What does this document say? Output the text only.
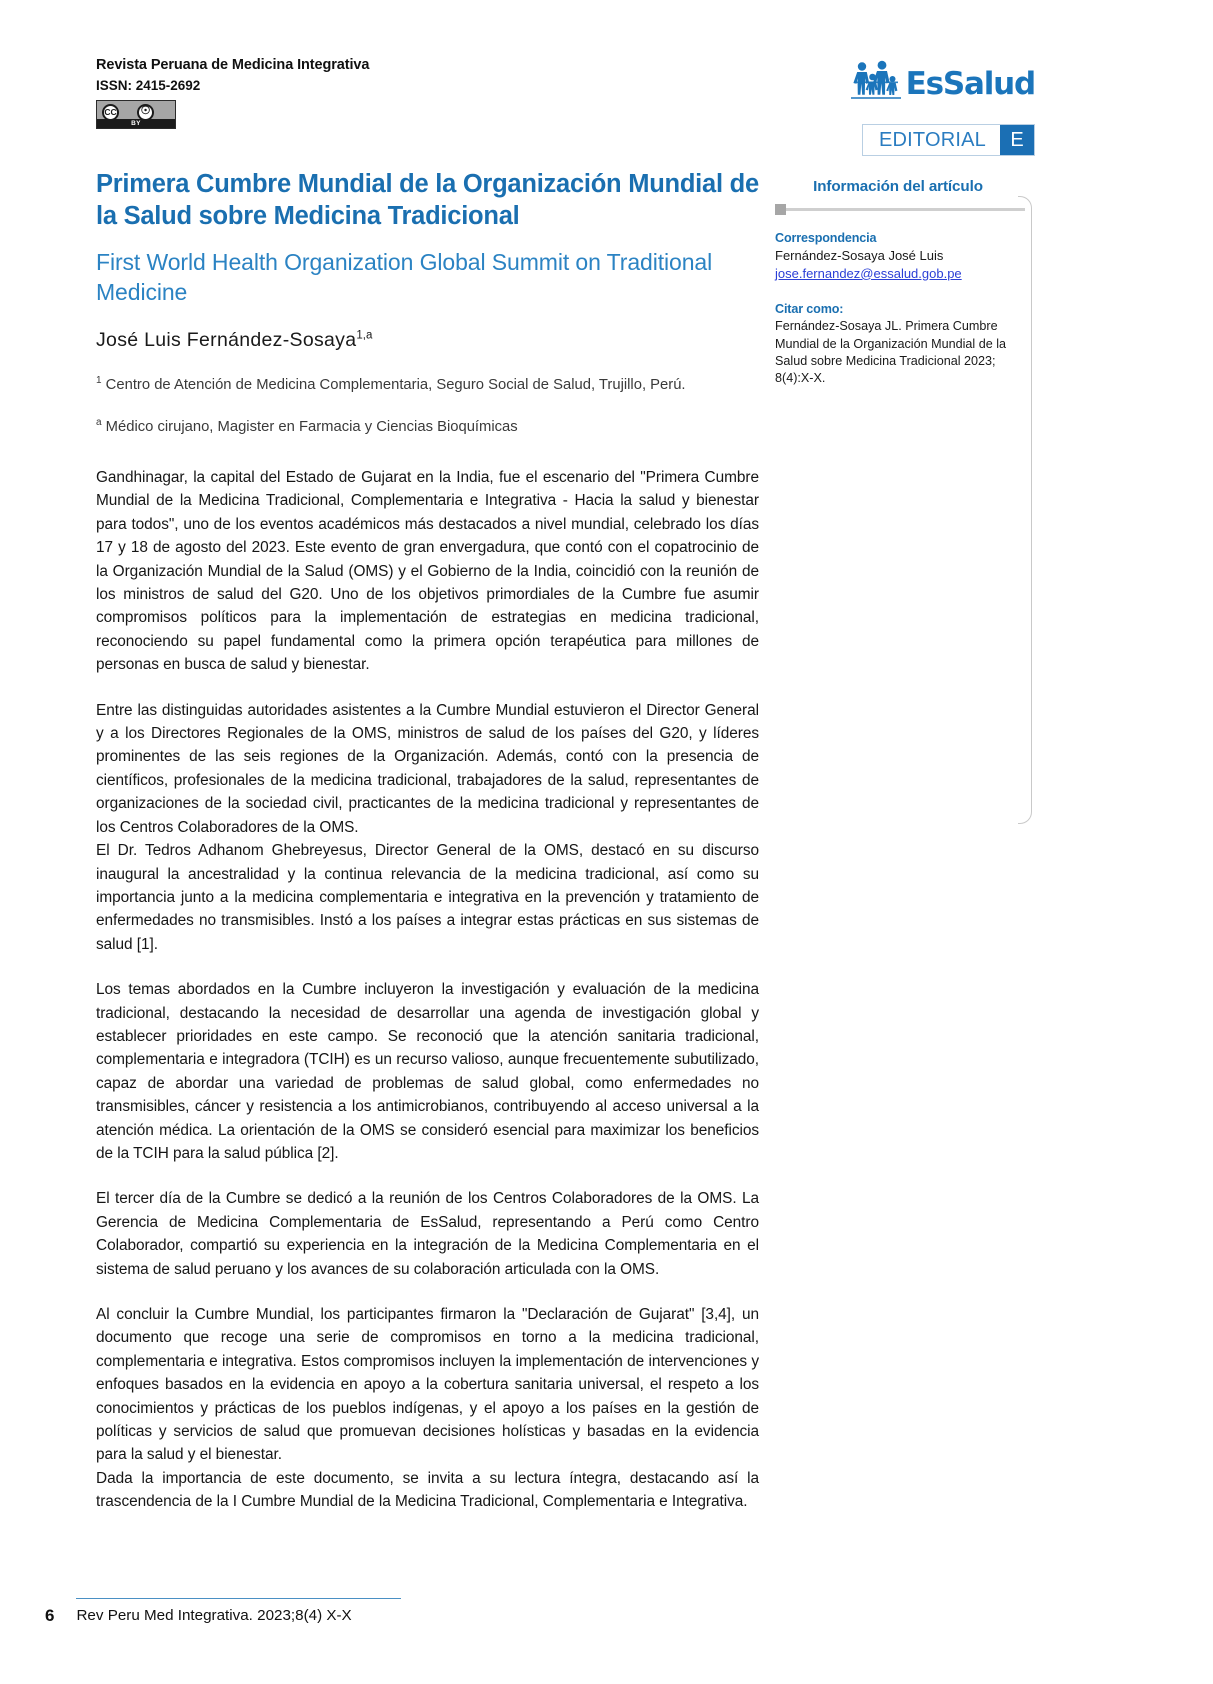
Revista Peruana de Medicina Integrativa
ISSN: 2415-2692
CC	☉
BY
EsSalud
EDITORIAL	E
Primera Cumbre Mundial de la Organización Mundial de la Salud sobre Medicina Tradicional
First World Health Organization Global Summit on Traditional Medicine
José Luis Fernández-Sosaya$^{1,a}$
$^1$ Centro de Atención de Medicina Complementaria, Seguro Social de Salud, Trujillo, Perú.
$^a$ Médico cirujano, Magister en Farmacia y Ciencias Bioquímicas
Información del artículo
Correspondencia
Fernández-Sosaya José Luis
jose.fernandez@essalud.gob.pe
Citar como:
Fernández-Sosaya JL. Primera Cumbre Mundial de la Organización Mundial de la Salud sobre Medicina Tradicional 2023; 8(4):X-X.

Gandhinagar, la capital del Estado de Gujarat en la India, fue el escenario del "Primera Cumbre Mundial de la Medicina Tradicional, Complementaria e Integrativa - Hacia la salud y bienestar para todos", uno de los eventos académicos más destacados a nivel mundial, celebrado los días 17 y 18 de agosto del 2023. Este evento de gran envergadura, que contó con el copatrocinio de la Organización Mundial de la Salud (OMS) y el Gobierno de la India, coincidió con la reunión de los ministros de salud del G20. Uno de los objetivos primordiales de la Cumbre fue asumir compromisos políticos para la implementación de estrategias en medicina tradicional, reconociendo su papel fundamental como la primera opción terapéutica para millones de personas en busca de salud y bienestar.

Entre las distinguidas autoridades asistentes a la Cumbre Mundial estuvieron el Director General y a los Directores Regionales de la OMS, ministros de salud de los países del G20, y líderes prominentes de las seis regiones de la Organización. Además, contó con la presencia de científicos, profesionales de la medicina tradicional, trabajadores de la salud, representantes de organizaciones de la sociedad civil, practicantes de la medicina tradicional y representantes de los Centros Colaboradores de la OMS.

El Dr. Tedros Adhanom Ghebreyesus, Director General de la OMS, destacó en su discurso inaugural la ancestralidad y la continua relevancia de la medicina tradicional, así como su importancia junto a la medicina complementaria e integrativa en la prevención y tratamiento de enfermedades no transmisibles. Instó a los países a integrar estas prácticas en sus sistemas de salud [1].

Los temas abordados en la Cumbre incluyeron la investigación y evaluación de la medicina tradicional, destacando la necesidad de desarrollar una agenda de investigación global y establecer prioridades en este campo. Se reconoció que la atención sanitaria tradicional, complementaria e integradora (TCIH) es un recurso valioso, aunque frecuentemente subutilizado, capaz de abordar una variedad de problemas de salud global, como enfermedades no transmisibles, cáncer y resistencia a los antimicrobianos, contribuyendo al acceso universal a la atención médica. La orientación de la OMS se consideró esencial para maximizar los beneficios de la TCIH para la salud pública [2].

El tercer día de la Cumbre se dedicó a la reunión de los Centros Colaboradores de la OMS. La Gerencia de Medicina Complementaria de EsSalud, representando a Perú como Centro Colaborador, compartió su experiencia en la integración de la Medicina Complementaria en el sistema de salud peruano y los avances de su colaboración articulada con la OMS.

Al concluir la Cumbre Mundial, los participantes firmaron la "Declaración de Gujarat" [3,4], un documento que recoge una serie de compromisos en torno a la medicina tradicional, complementaria e integrativa. Estos compromisos incluyen la implementación de intervenciones y enfoques basados en la evidencia en apoyo a la cobertura sanitaria universal, el respeto a los conocimientos y prácticas de los pueblos indígenas, y el apoyo a los países en la gestión de políticas y servicios de salud que promuevan decisiones holísticas y basadas en la evidencia para la salud y el bienestar.

Dada la importancia de este documento, se invita a su lectura íntegra, destacando así la trascendencia de la I Cumbre Mundial de la Medicina Tradicional, Complementaria e Integrativa.

6 Rev Peru Med Integrativa. 2023;8(4) X-X
